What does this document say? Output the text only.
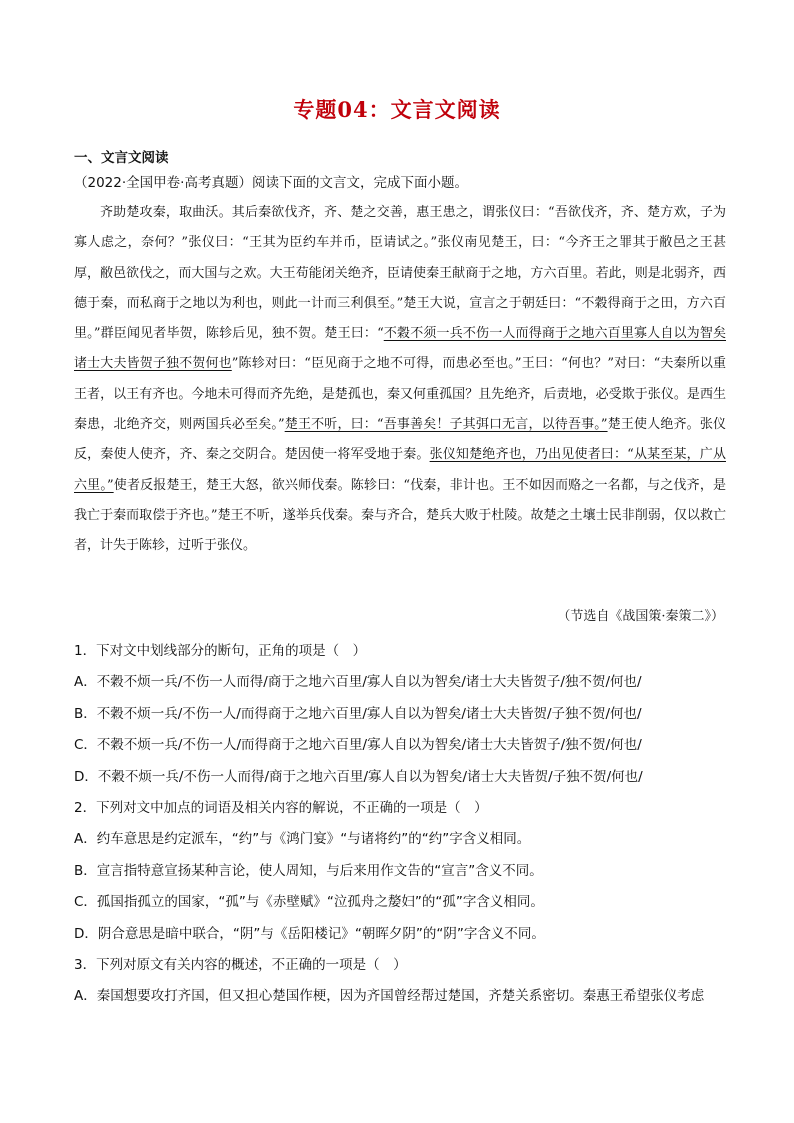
专题04：文言文阅读
一、文言文阅读
（2022·全国甲卷·高考真题）阅读下面的文言文，完成下面小题。
齐助楚攻秦，取曲沃。其后秦欲伐齐，齐、楚之交善，惠王患之，谓张仪曰：“吾欲伐齐，齐、楚方欢，子为寡人虑之，奈何？”张仪曰：“王其为臣约车并币，臣请试之。”张仪南见楚王，曰：“今齐王之罪其于敝邑之王甚厚，敝邑欲伐之，而大国与之欢。大王苟能闭关绝齐，臣请使秦王献商于之地，方六百里。若此，则是北弱齐，西德于秦，而私商于之地以为利也，则此一计而三利俱至。”楚王大说，宣言之于朝廷曰：“不穀得商于之田，方六百里。”群臣闻见者毕贺，陈轸后见，独不贺。楚王曰：“不穀不须一兵不伤一人而得商于之地六百里寡人自以为智矣诸士大夫皆贺子独不贺何也”陈轸对曰：“臣见商于之地不可得，而患必至也。”王曰：“何也？”对曰：“夫秦所以重王者，以王有齐也。今地未可得而齐先绝，是楚孤也，秦又何重孤国？且先绝齐，后责地，必受欺于张仪。是西生秦患，北绝齐交，则两国兵必至矣。”楚王不听，曰：“吾事善矣！子其弭口无言，以待吾事。”楚王使人绝齐。张仪反，秦使人使齐，齐、秦之交阴合。楚因使一将军受地于秦。张仪知楚绝齐也，乃出见使者曰：“从某至某，广从六里。”使者反报楚王，楚王大怒，欲兴师伐秦。陈轸曰：“伐秦，非计也。王不如因而赂之一名都，与之伐齐，是我亡于秦而取偿于齐也。”楚王不听，遂举兵伐秦。秦与齐合，楚兵大败于杜陵。故楚之土壤士民非削弱，仅以救亡者，计失于陈轸，过听于张仪。
（节选自《战国策·秦策二》）
1．下对文中划线部分的断句，正角的项是（　）
A．不穀不烦一兵/不伤一人而得/商于之地六百里/寡人自以为智矣/诸士大夫皆贺子/独不贺/何也/
B．不穀不烦一兵/不伤一人/而得商于之地六百里/寡人自以为智矣/诸士大夫皆贺/子独不贺/何也/
C．不穀不烦一兵/不伤一人/而得商于之地六百里/寡人自以为智矣/诸士大夫皆贺子/独不贺/何也/
D．不穀不烦一兵/不伤一人而得/商于之地六百里/寡人自以为智矣/诸士大夫皆贺/子独不贺/何也/
2．下列对文中加点的词语及相关内容的解说，不正确的一项是（　）
A．约车意思是约定派车，“约”与《鸿门宴》“与诸将约”的“约”字含义相同。
B．宣言指特意宣扬某种言论，使人周知，与后来用作文告的“宣言”含义不同。
C．孤国指孤立的国家，“孤”与《赤壁赋》“泣孤舟之嫠妇”的“孤”字含义相同。
D．阴合意思是暗中联合，“阴”与《岳阳楼记》“朝晖夕阴”的“阴”字含义不同。
3．下列对原文有关内容的概述，不正确的一项是（　）
A．秦国想要攻打齐国，但又担心楚国作梗，因为齐国曾经帮过楚国，齐楚关系密切。秦惠王希望张仪考虑
